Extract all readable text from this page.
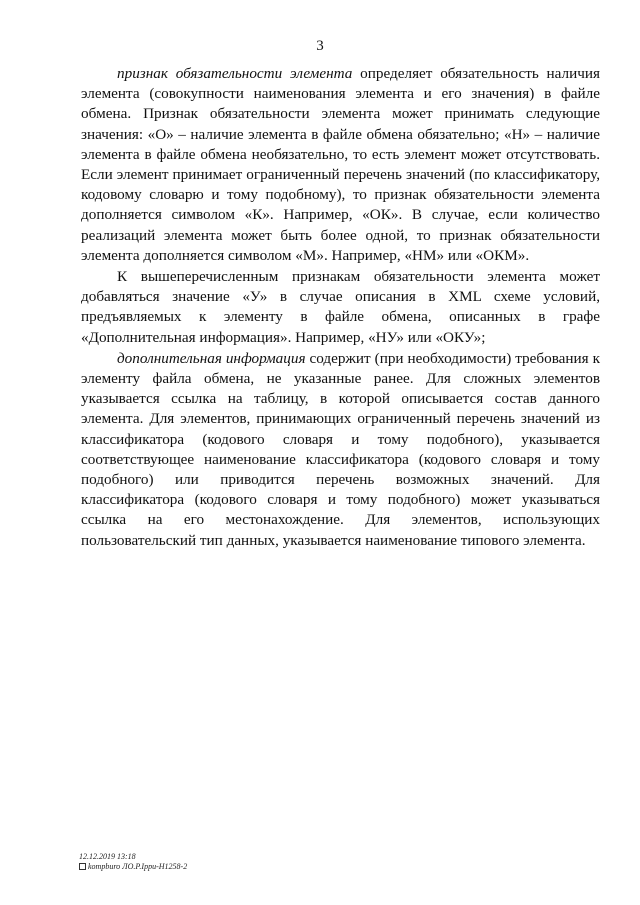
3

признак обязательности элемента определяет обязательность наличия элемента (совокупности наименования элемента и его значения) в файле обмена. Признак обязательности элемента может принимать следующие значения: «О» – наличие элемента в файле обмена обязательно; «Н» – наличие элемента в файле обмена необязательно, то есть элемент может отсутствовать. Если элемент принимает ограниченный перечень значений (по классификатору, кодовому словарю и тому подобному), то признак обязательности элемента дополняется символом «К». Например, «ОК». В случае, если количество реализаций элемента может быть более одной, то признак обязательности элемента дополняется символом «М». Например, «НМ» или «ОКМ».

К вышеперечисленным признакам обязательности элемента может добавляться значение «У» в случае описания в XML схеме условий, предъявляемых к элементу в файле обмена, описанных в графе «Дополнительная информация». Например, «НУ» или «ОКУ»;

дополнительная информация содержит (при необходимости) требования к элементу файла обмена, не указанные ранее. Для сложных элементов указывается ссылка на таблицу, в которой описывается состав данного элемента. Для элементов, принимающих ограниченный перечень значений из классификатора (кодового словаря и тому подобного), указывается соответствующее наименование классификатора (кодового словаря и тому подобного) или приводится перечень возможных значений. Для классификатора (кодового словаря и тому подобного) может указываться ссылка на его местонахождение. Для элементов, использующих пользовательский тип данных, указывается наименование типового элемента.

12.12.2019 13:18
kompburo ЛО.Р.Ірри-Н1258-2
